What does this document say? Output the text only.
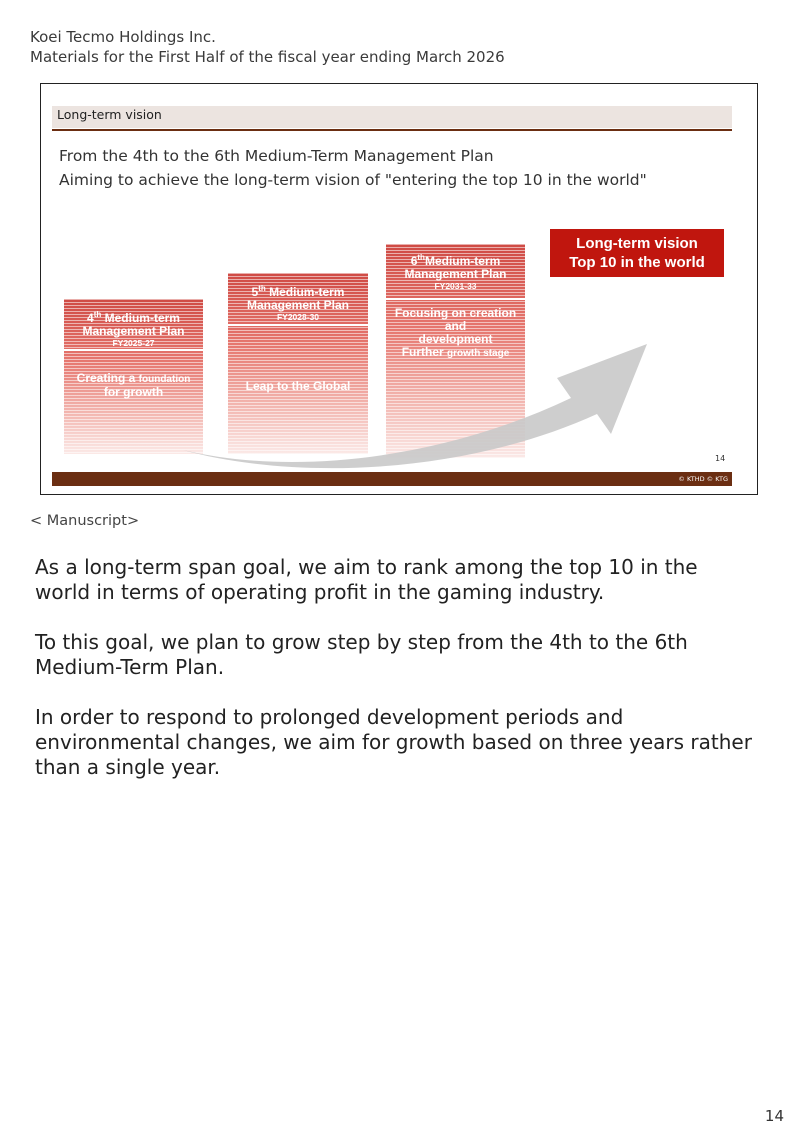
Koei Tecmo Holdings Inc.
Materials for the First Half of the fiscal year ending March 2026
Long-term vision
From the 4th to the 6th Medium-Term Management Plan
Aiming to achieve the long-term vision of "entering the top 10 in the world"
4th Medium-term
Management Plan
FY2025-27
Creating a foundation
for growth
5th Medium-term
Management Plan
FY2028-30
Leap to the Global
6thMedium-term
Management Plan
FY2031-33
Focusing on creation
and
development
Further growth stage
Long-term vision
Top 10 in the world
14
© KTHD © KTG
< Manuscript>

As a long-term span goal, we aim to rank among the top 10 in the world in terms of operating profit in the gaming industry.

To this goal, we plan to grow step by step from the 4th to the 6th Medium-Term Plan.

In order to respond to prolonged development periods and environmental changes, we aim for growth based on three years rather than a single year.

14
